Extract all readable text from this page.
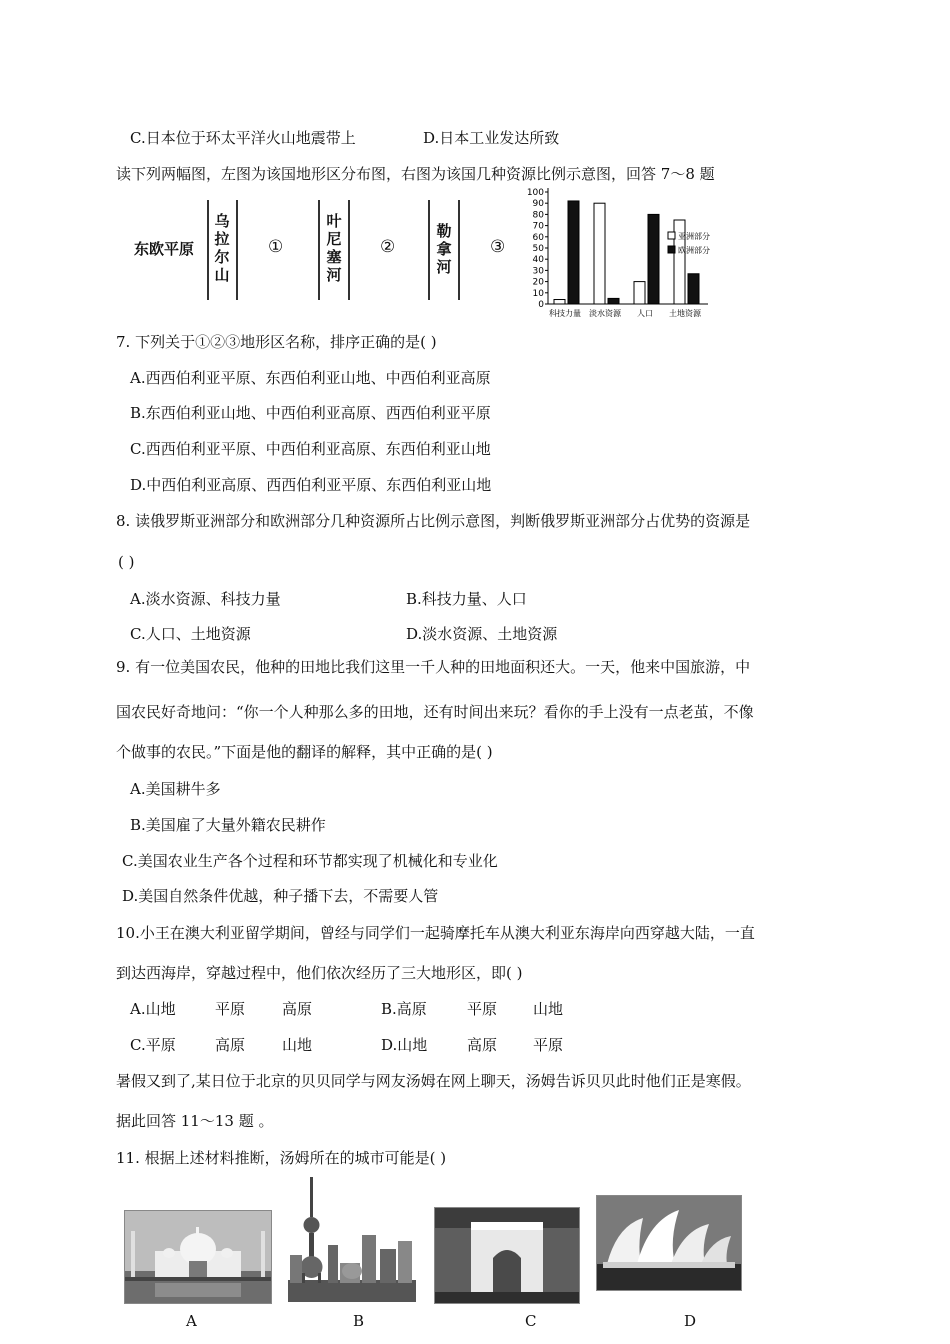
C.日本位于环太平洋火山地震带上	D.日本工业发达所致
读下列两幅图，左图为该国地形区分布图，右图为该国几种资源比例示意图，回答 7～8 题
东欧平原
乌拉尔山
①
叶尼塞河
②
勒拿河
③
0
10
20
30
40
50
60
70
80
90
100
科技力量 淡水资源 人口 土地资源
亚洲部分
欧洲部分
7. 下列关于①②③地形区名称，排序正确的是( )
A.西西伯利亚平原、东西伯利亚山地、中西伯利亚高原
B.东西伯利亚山地、中西伯利亚高原、西西伯利亚平原
C.西西伯利亚平原、中西伯利亚高原、东西伯利亚山地
D.中西伯利亚高原、西西伯利亚平原、东西伯利亚山地
8. 读俄罗斯亚洲部分和欧洲部分几种资源所占比例示意图，判断俄罗斯亚洲部分占优势的资源是
( )
A.淡水资源、科技力量	B.科技力量、人口
C.人口、土地资源	D.淡水资源、土地资源
9. 有一位美国农民，他种的田地比我们这里一千人种的田地面积还大。一天，他来中国旅游，中
国农民好奇地问：“你一个人种那么多的田地，还有时间出来玩？看你的手上没有一点老茧，不像
个做事的农民。”下面是他的翻译的解释，其中正确的是( )
A.美国耕牛多
B.美国雇了大量外籍农民耕作
C.美国农业生产各个过程和环节都实现了机械化和专业化
D.美国自然条件优越，种子播下去，不需要人管
10.小王在澳大利亚留学期间，曾经与同学们一起骑摩托车从澳大利亚东海岸向西穿越大陆，一直
到达西海岸，穿越过程中，他们依次经历了三大地形区，即( )
A.山地	平原 高原	B.高原	平原 山地
C.平原	高原 山地	D.山地	高原 平原
暑假又到了,某日位于北京的贝贝同学与网友汤姆在网上聊天，汤姆告诉贝贝此时他们正是寒假。
据此回答 11～13 题 。
11. 根据上述材料推断，汤姆所在的城市可能是( )
A	B	C	D
